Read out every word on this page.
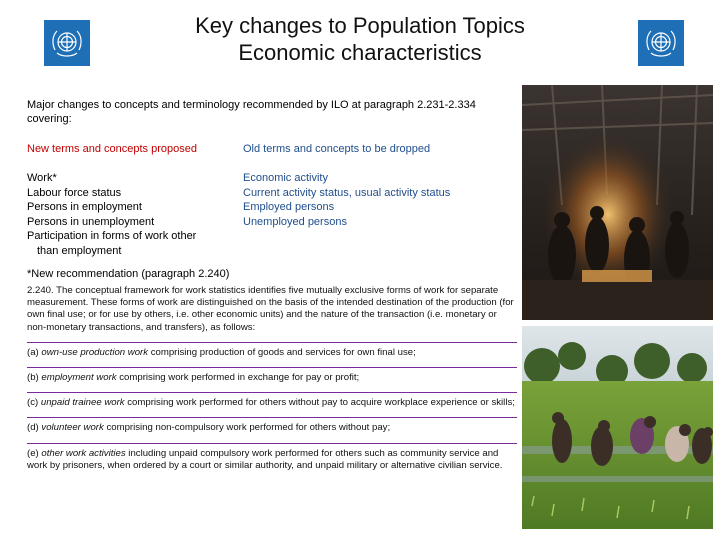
Key changes to Population Topics
Economic characteristics
Major changes to concepts and terminology recommended by ILO at paragraph 2.231-2.334 covering:
New terms and concepts proposed	Old terms and concepts to be dropped
Work*
Labour force status
Persons in employment
Persons in unemployment
Participation in forms of work other
than employment
Economic activity
Current activity status, usual activity status
Employed persons
Unemployed persons
*New recommendation (paragraph 2.240)

2.240. The conceptual framework for work statistics identifies five mutually exclusive forms of work for separate measurement. These forms of work are distinguished on the basis of the intended destination of the production (for own final use; or for use by others, i.e. other economic units) and the nature of the transaction (i.e. monetary or non-monetary transactions, and transfers), as follows:

(a) own-use production work comprising production of goods and services for own final use;

(b) employment work comprising work performed in exchange for pay or profit;

(c) unpaid trainee work comprising work performed for others without pay to acquire workplace experience or skills;

(d) volunteer work comprising non-compulsory work performed for others without pay;

(e) other work activities including unpaid compulsory work performed for others such as community service and work by prisoners, when ordered by a court or similar authority, and unpaid military or alternative civilian service.
